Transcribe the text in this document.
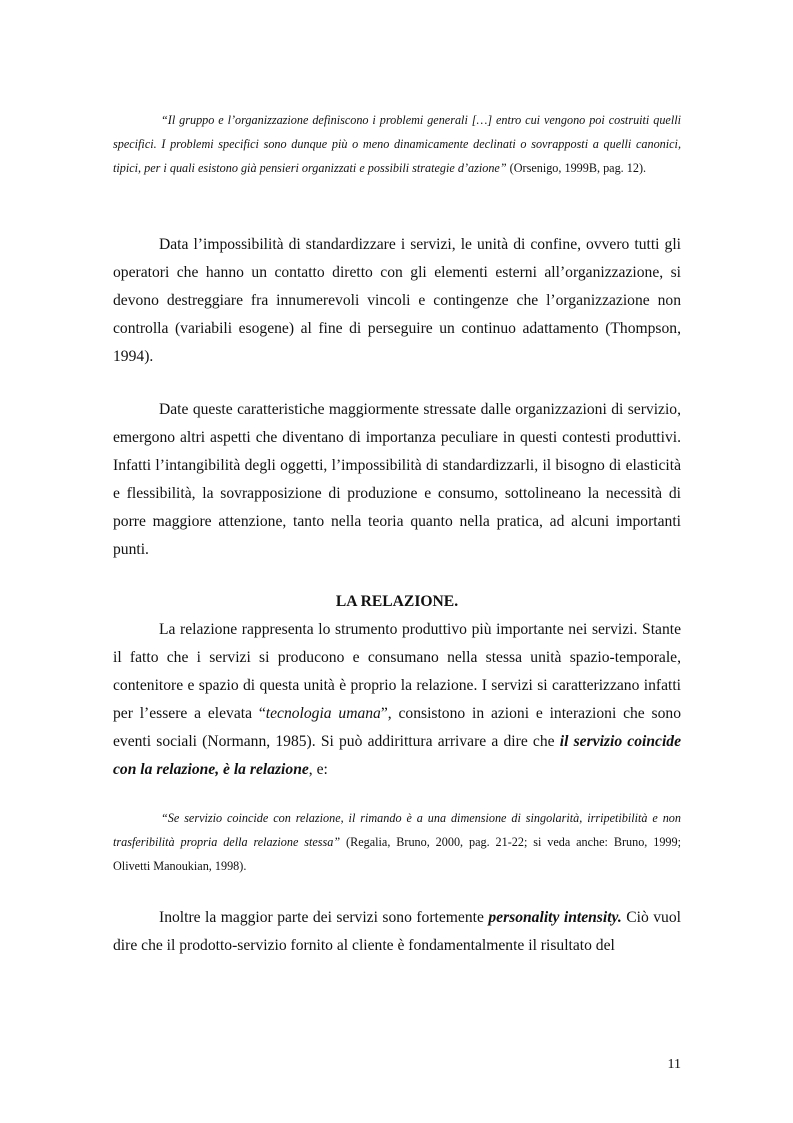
“Il gruppo e l’organizzazione definiscono i problemi generali […] entro cui vengono poi costruiti quelli specifici. I problemi specifici sono dunque più o meno dinamicamente declinati o sovrapposti a quelli canonici, tipici, per i quali esistono già pensieri organizzati e possibili strategie d’azione” (Orsenigo, 1999B, pag. 12).

Data l’impossibilità di standardizzare i servizi, le unità di confine, ovvero tutti gli operatori che hanno un contatto diretto con gli elementi esterni all’organizzazione, si devono destreggiare fra innumerevoli vincoli e contingenze che l’organizzazione non controlla (variabili esogene) al fine di perseguire un continuo adattamento (Thompson, 1994).

Date queste caratteristiche maggiormente stressate dalle organizzazioni di servizio, emergono altri aspetti che diventano di importanza peculiare in questi contesti produttivi. Infatti l’intangibilità degli oggetti, l’impossibilità di standardizzarli, il bisogno di elasticità e flessibilità, la sovrapposizione di produzione e consumo, sottolineano la necessità di porre maggiore attenzione, tanto nella teoria quanto nella pratica, ad alcuni importanti punti.

LA RELAZIONE.

La relazione rappresenta lo strumento produttivo più importante nei servizi. Stante il fatto che i servizi si producono e consumano nella stessa unità spazio-temporale, contenitore e spazio di questa unità è proprio la relazione. I servizi si caratterizzano infatti per l’essere a elevata “tecnologia umana”, consistono in azioni e interazioni che sono eventi sociali (Normann, 1985). Si può addirittura arrivare a dire che il servizio coincide con la relazione, è la relazione, e:

“Se servizio coincide con relazione, il rimando è a una dimensione di singolarità, irripetibilità e non trasferibilità propria della relazione stessa” (Regalia, Bruno, 2000, pag. 21-22; si veda anche: Bruno, 1999; Olivetti Manoukian, 1998).

Inoltre la maggior parte dei servizi sono fortemente personality intensity. Ciò vuol dire che il prodotto-servizio fornito al cliente è fondamentalmente il risultato del

11
